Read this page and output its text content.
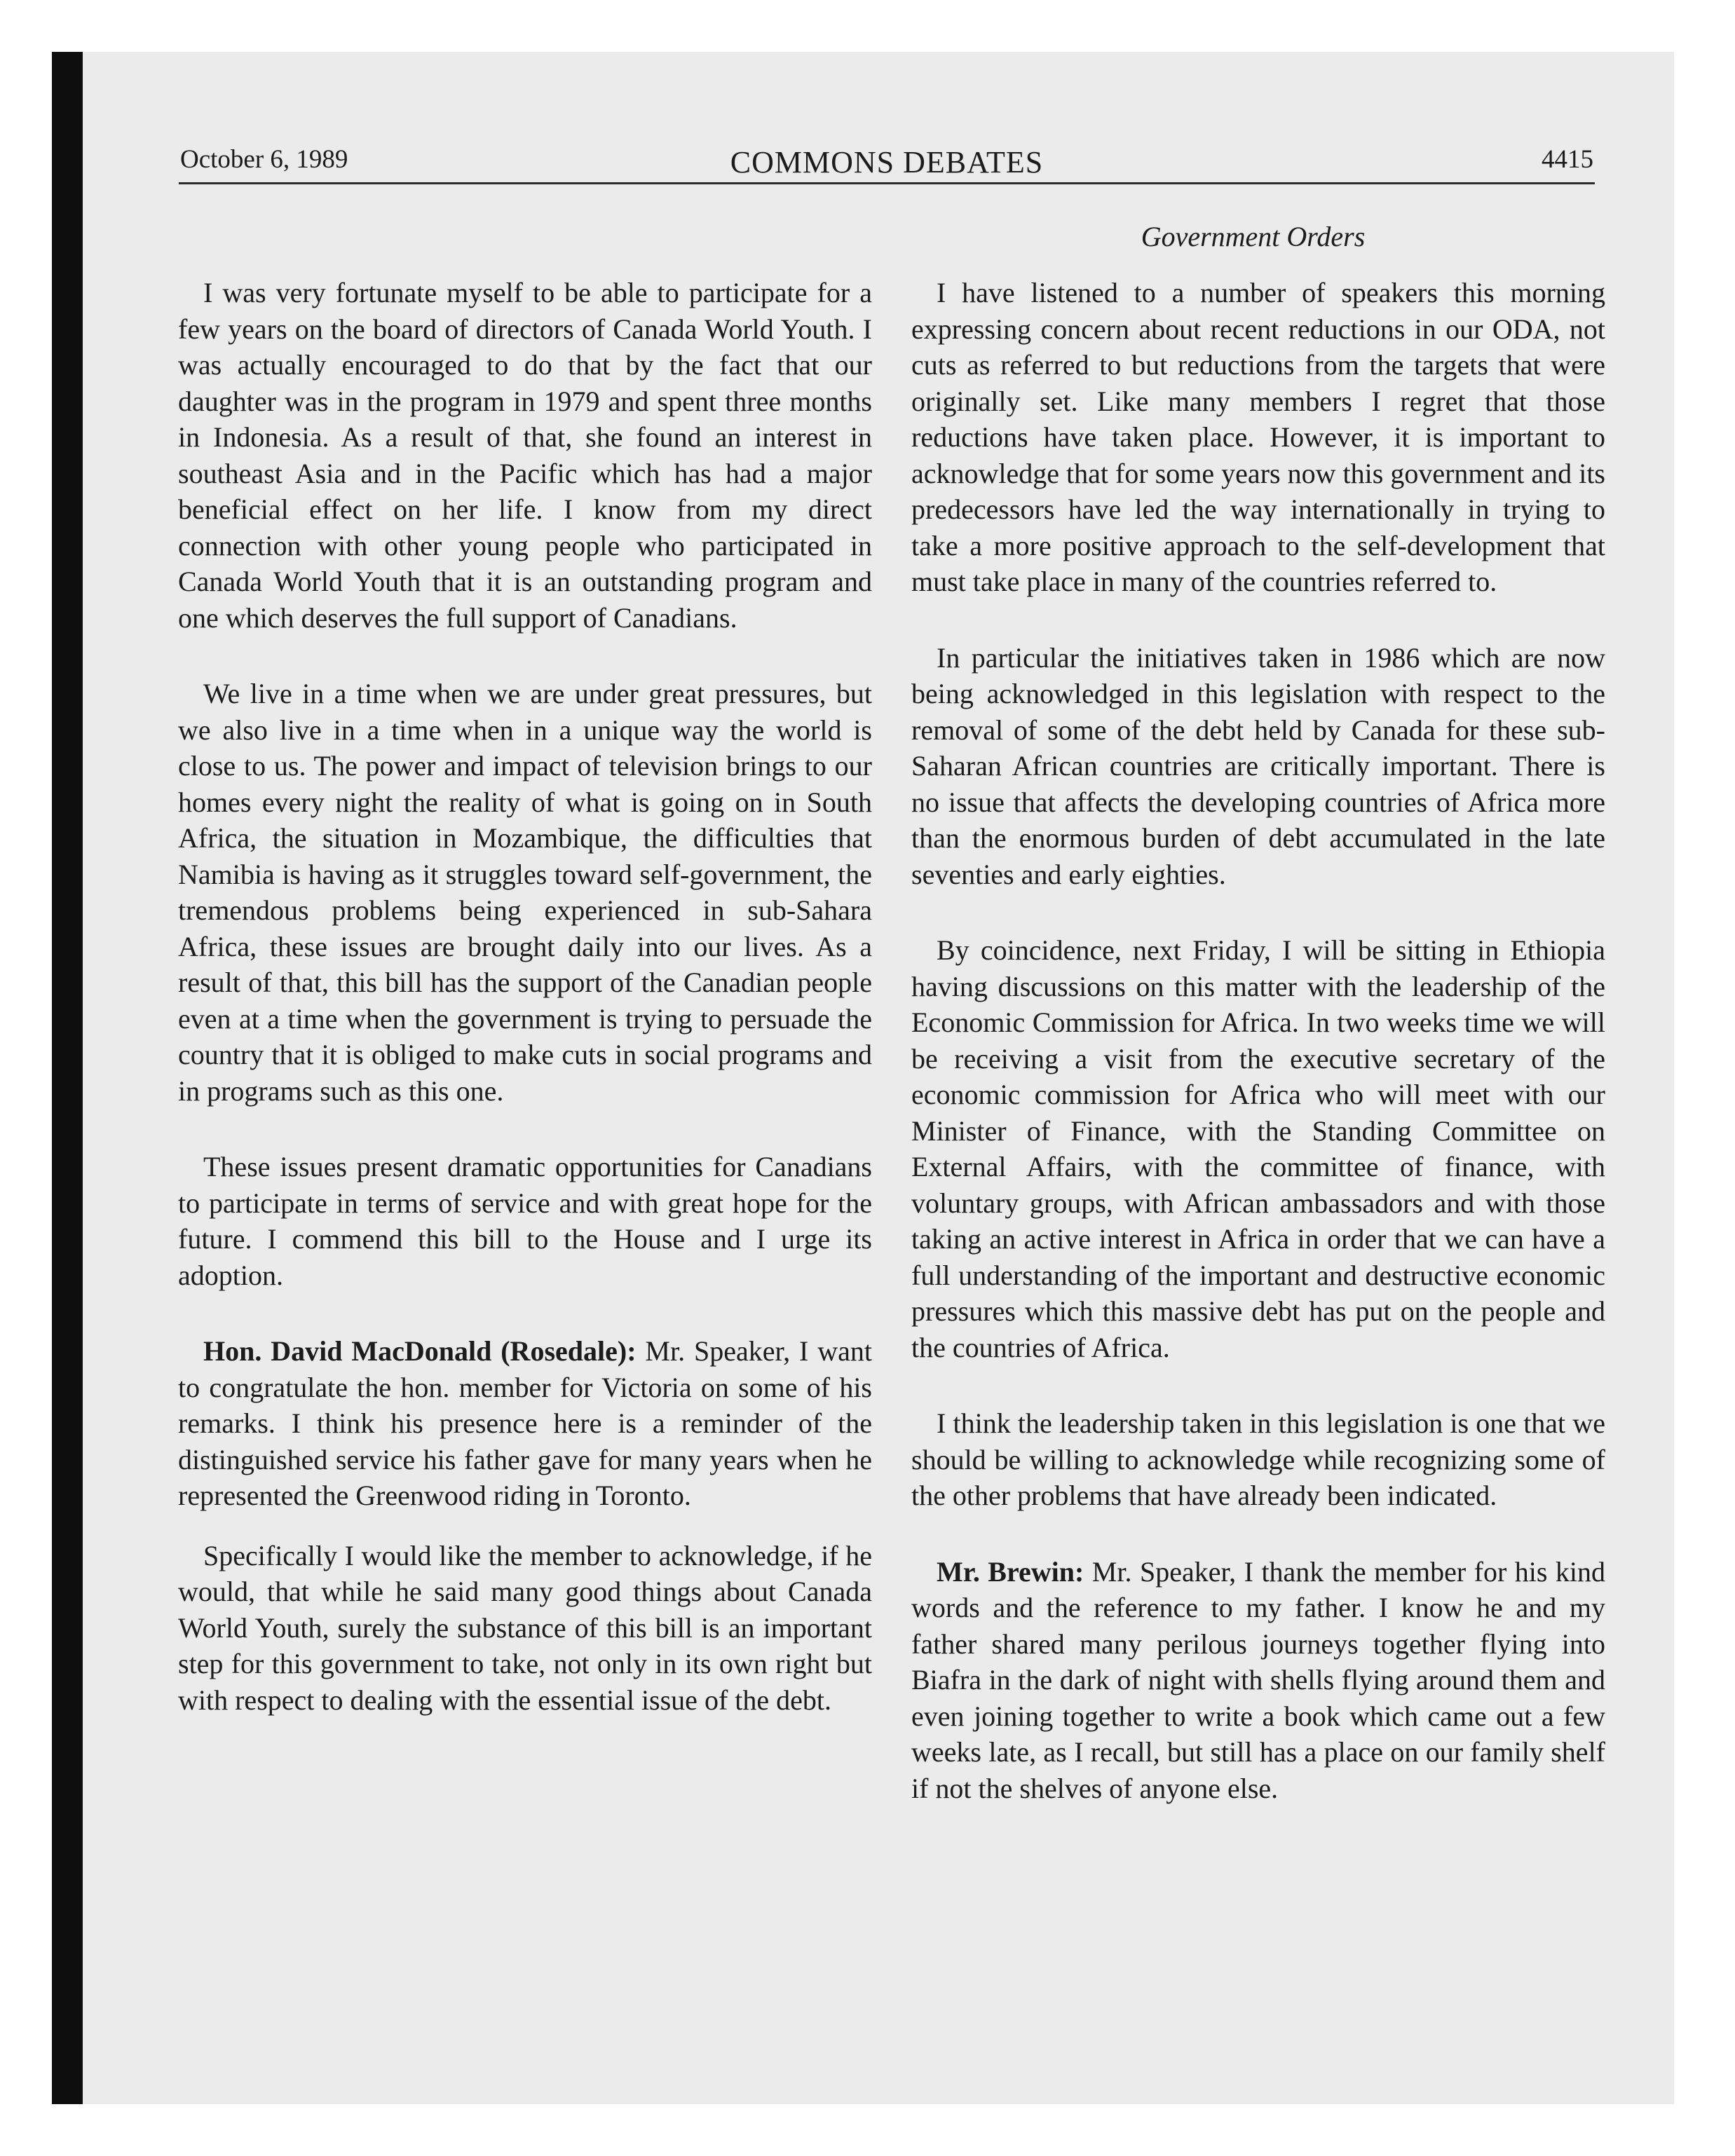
October 6, 1989	COMMONS DEBATES	4415
Government Orders

I was very fortunate myself to be able to participate for a few years on the board of directors of Canada World Youth. I was actually encouraged to do that by the fact that our daughter was in the program in 1979 and spent three months in Indonesia. As a result of that, she found an interest in southeast Asia and in the Pacific which has had a major beneficial effect on her life. I know from my direct connection with other young people who participated in Canada World Youth that it is an outstanding program and one which deserves the full support of Canadians.

We live in a time when we are under great pressures, but we also live in a time when in a unique way the world is close to us. The power and impact of television brings to our homes every night the reality of what is going on in South Africa, the situation in Mozambique, the difficulties that Namibia is having as it struggles toward self-government, the tremendous problems being experienced in sub-Sahara Africa, these issues are brought daily into our lives. As a result of that, this bill has the support of the Canadian people even at a time when the government is trying to persuade the country that it is obliged to make cuts in social programs and in programs such as this one.

These issues present dramatic opportunities for Canadians to participate in terms of service and with great hope for the future. I commend this bill to the House and I urge its adoption.

Hon. David MacDonald (Rosedale): Mr. Speaker, I want to congratulate the hon. member for Victoria on some of his remarks. I think his presence here is a reminder of the distinguished service his father gave for many years when he represented the Greenwood riding in Toronto.

Specifically I would like the member to acknowledge, if he would, that while he said many good things about Canada World Youth, surely the substance of this bill is an important step for this government to take, not only in its own right but with respect to dealing with the essential issue of the debt.

I have listened to a number of speakers this morning expressing concern about recent reductions in our ODA, not cuts as referred to but reductions from the targets that were originally set. Like many members I regret that those reductions have taken place. However, it is important to acknowledge that for some years now this government and its predecessors have led the way internationally in trying to take a more positive approach to the self-development that must take place in many of the countries referred to.

In particular the initiatives taken in 1986 which are now being acknowledged in this legislation with respect to the removal of some of the debt held by Canada for these sub-Saharan African countries are critically important. There is no issue that affects the developing countries of Africa more than the enormous burden of debt accumulated in the late seventies and early eighties.

By coincidence, next Friday, I will be sitting in Ethiopia having discussions on this matter with the leadership of the Economic Commission for Africa. In two weeks time we will be receiving a visit from the executive secretary of the economic commission for Africa who will meet with our Minister of Finance, with the Standing Committee on External Affairs, with the committee of finance, with voluntary groups, with African ambassadors and with those taking an active interest in Africa in order that we can have a full understanding of the important and destructive economic pressures which this massive debt has put on the people and the countries of Africa.

I think the leadership taken in this legislation is one that we should be willing to acknowledge while recognizing some of the other problems that have already been indicated.

Mr. Brewin: Mr. Speaker, I thank the member for his kind words and the reference to my father. I know he and my father shared many perilous journeys together flying into Biafra in the dark of night with shells flying around them and even joining together to write a book which came out a few weeks late, as I recall, but still has a place on our family shelf if not the shelves of anyone else.
